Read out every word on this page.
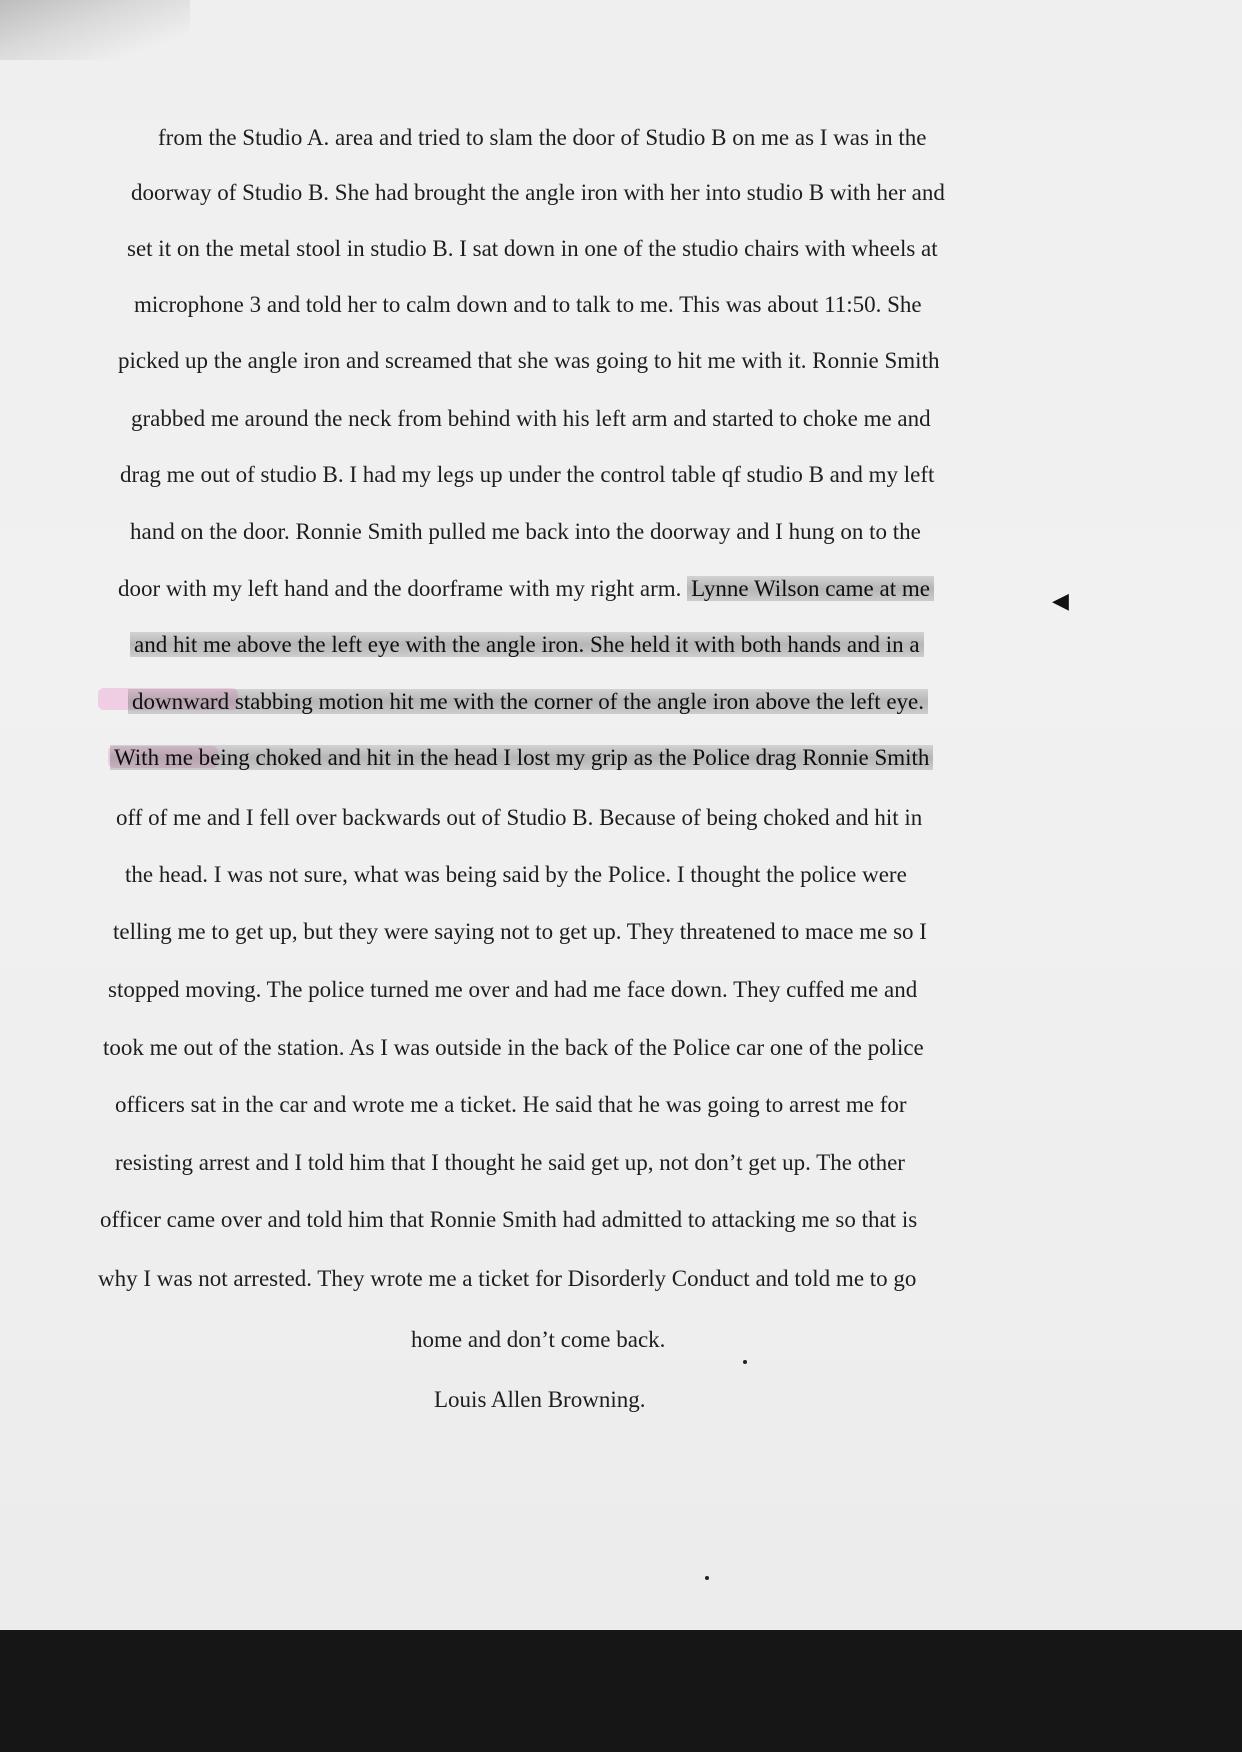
from the Studio A. area and tried to slam the door of Studio B on me as I was in the
doorway of Studio B. She had brought the angle iron with her into studio B with her and
set it on the metal stool in studio B. I sat down in one of the studio chairs with wheels at
microphone 3 and told her to calm down and to talk to me. This was about 11:50. She
picked up the angle iron and screamed that she was going to hit me with it. Ronnie Smith
grabbed me around the neck from behind with his left arm and started to choke me and
drag me out of studio B. I had my legs up under the control table qf studio B and my left
hand on the door. Ronnie Smith pulled me back into the doorway and I hung on to the
door with my left hand and the doorframe with my right arm. Lynne Wilson came at me	◀
and hit me above the left eye with the angle iron. She held it with both hands and in a
downward stabbing motion hit me with the corner of the angle iron above the left eye.
With me being choked and hit in the head I lost my grip as the Police drag Ronnie Smith
off of me and I fell over backwards out of Studio B. Because of being choked and hit in
the head. I was not sure, what was being said by the Police. I thought the police were
telling me to get up, but they were saying not to get up. They threatened to mace me so I
stopped moving. The police turned me over and had me face down. They cuffed me and
took me out of the station. As I was outside in the back of the Police car one of the police
officers sat in the car and wrote me a ticket. He said that he was going to arrest me for
resisting arrest and I told him that I thought he said get up, not don’t get up. The other
officer came over and told him that Ronnie Smith had admitted to attacking me so that is
why I was not arrested. They wrote me a ticket for Disorderly Conduct and told me to go
home and don’t come back.
Louis Allen Browning.
